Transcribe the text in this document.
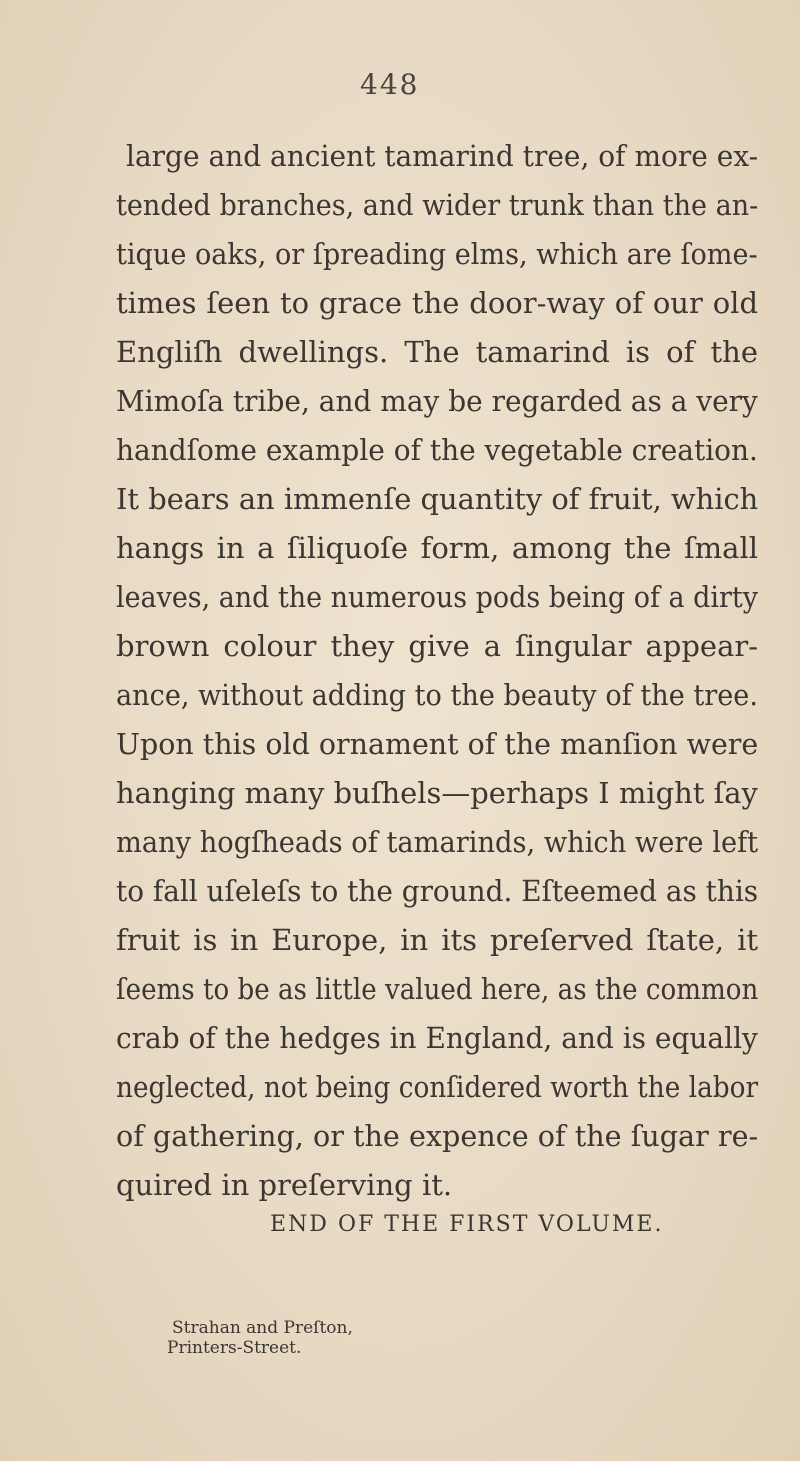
448
large and ancient tamarind tree, of more ex-
tended branches, and wider trunk than the an-
tique oaks, or ſpreading elms, which are ſome-
times ſeen to grace the door-way of our old
Engliſh dwellings. The tamarind is of the
Mimoſa tribe, and may be regarded as a very
handſome example of the vegetable creation.
It bears an immenſe quantity of fruit, which
hangs in a ſiliquoſe form, among the ſmall
leaves, and the numerous pods being of a dirty
brown colour they give a ſingular appear-
ance, without adding to the beauty of the tree.
Upon this old ornament of the manſion were
hanging many buſhels—perhaps I might ſay
many hogſheads of tamarinds, which were left
to fall uſeleſs to the ground. Eſteemed as this
fruit is in Europe, in its preſerved ſtate, it
ſeems to be as little valued here, as the common
crab of the hedges in England, and is equally
neglected, not being conſidered worth the labor
of gathering, or the expence of the ſugar re-
quired in preſerving it.
END OF THE FIRST VOLUME.
Strahan and Preſton,
Printers-Street.
